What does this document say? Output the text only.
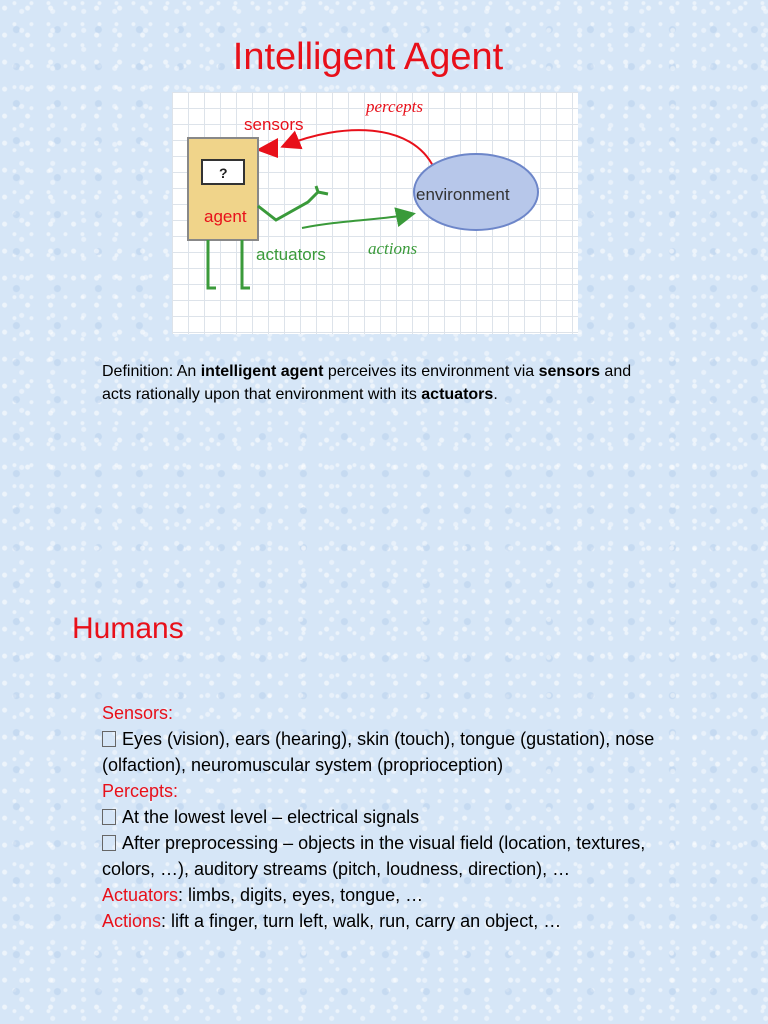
Intelligent Agent
percepts
sensors
?
agent
actuators actions
environment
Definition: An intelligent agent perceives its environment via sensors and acts rationally upon that environment with its actuators.
Humans
Sensors:
Eyes (vision), ears (hearing), skin (touch), tongue (gustation), nose (olfaction), neuromuscular system (proprioception)
Percepts:
At the lowest level – electrical signals
After preprocessing – objects in the visual field (location, textures, colors, …), auditory streams (pitch, loudness, direction), …
Actuators: limbs, digits, eyes, tongue, …
Actions: lift a finger, turn left, walk, run, carry an object, …
